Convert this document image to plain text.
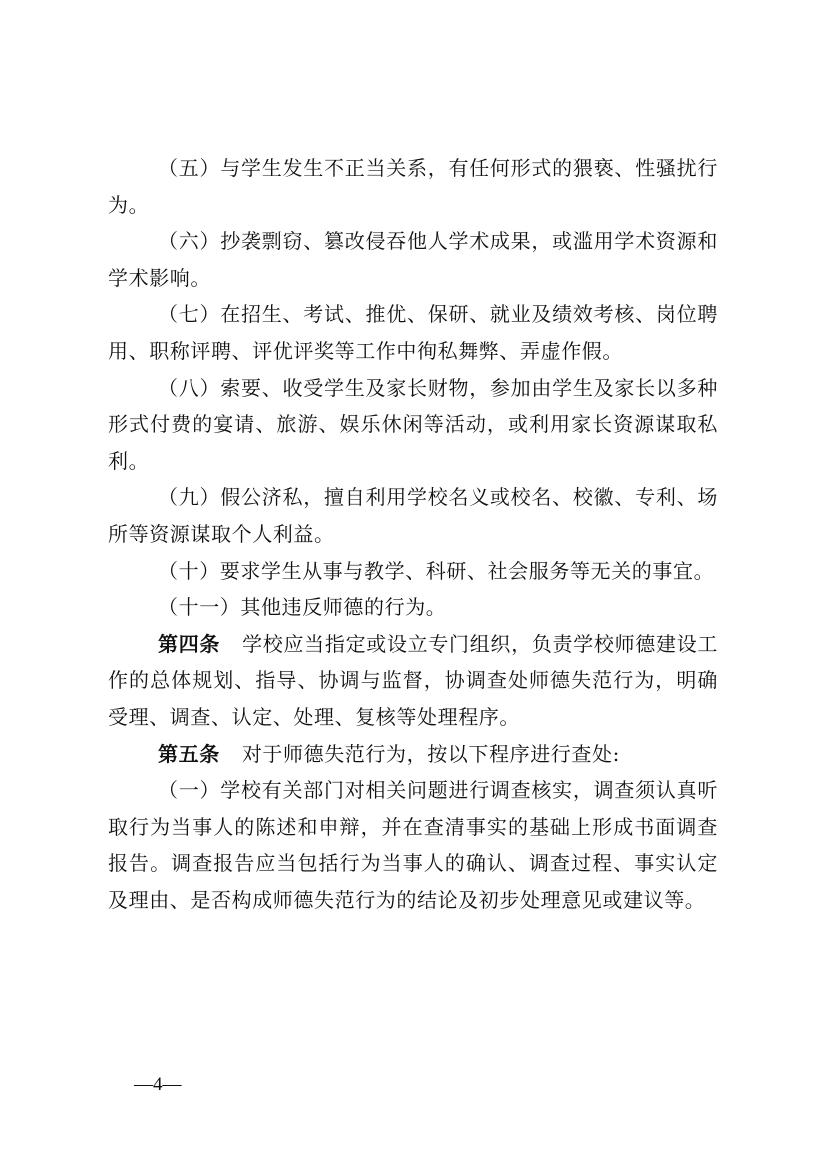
（五）与学生发生不正当关系，有任何形式的猥亵、性骚扰行为。

（六）抄袭剽窃、篡改侵吞他人学术成果，或滥用学术资源和学术影响。

（七）在招生、考试、推优、保研、就业及绩效考核、岗位聘用、职称评聘、评优评奖等工作中徇私舞弊、弄虚作假。

（八）索要、收受学生及家长财物，参加由学生及家长以多种形式付费的宴请、旅游、娱乐休闲等活动，或利用家长资源谋取私利。

（九）假公济私，擅自利用学校名义或校名、校徽、专利、场所等资源谋取个人利益。

（十）要求学生从事与教学、科研、社会服务等无关的事宜。

（十一）其他违反师德的行为。

第四条 学校应当指定或设立专门组织，负责学校师德建设工作的总体规划、指导、协调与监督，协调查处师德失范行为，明确受理、调查、认定、处理、复核等处理程序。

第五条 对于师德失范行为，按以下程序进行查处:

（一）学校有关部门对相关问题进行调查核实，调查须认真听取行为当事人的陈述和申辩，并在查清事实的基础上形成书面调查报告。调查报告应当包括行为当事人的确认、调查过程、事实认定及理由、是否构成师德失范行为的结论及初步处理意见或建议等。

—4—
